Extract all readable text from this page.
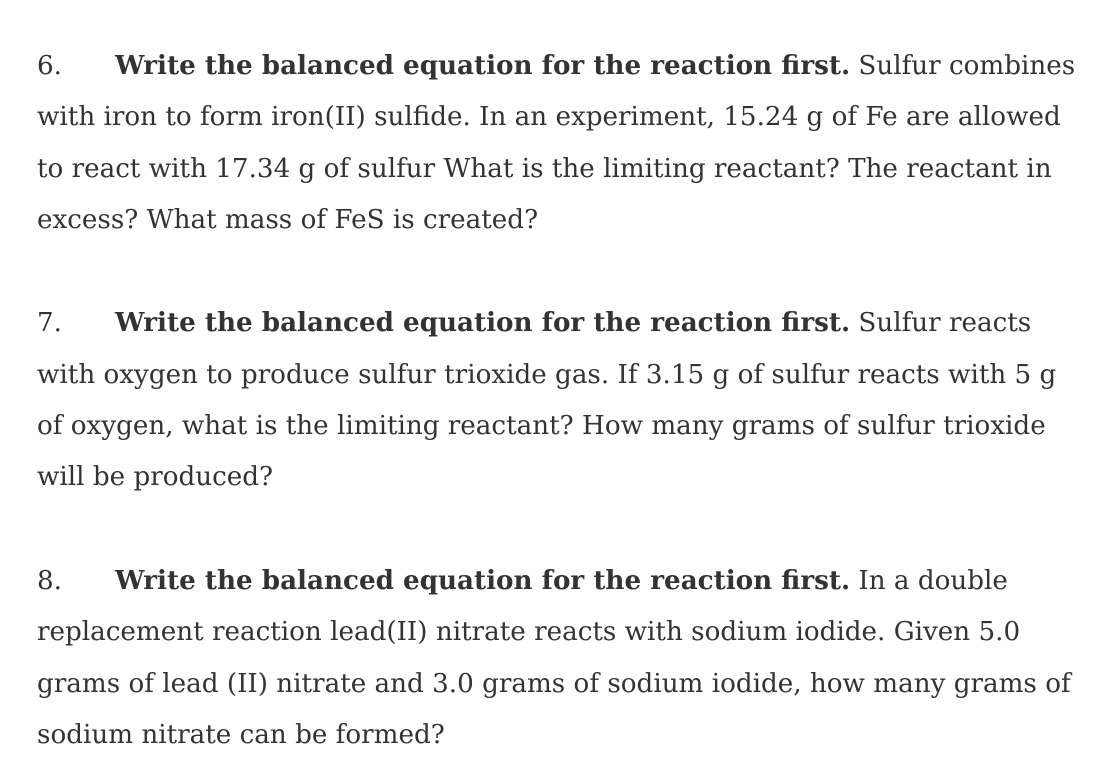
6. Write the balanced equation for the reaction first. Sulfur combines with iron to form iron(II) sulfide. In an experiment, 15.24 g of Fe are allowed to react with 17.34 g of sulfur What is the limiting reactant? The reactant in excess? What mass of FeS is created?

7. Write the balanced equation for the reaction first. Sulfur reacts with oxygen to produce sulfur trioxide gas. If 3.15 g of sulfur reacts with 5 g of oxygen, what is the limiting reactant? How many grams of sulfur trioxide will be produced?

8. Write the balanced equation for the reaction first. In a double replacement reaction lead(II) nitrate reacts with sodium iodide. Given 5.0 grams of lead (II) nitrate and 3.0 grams of sodium iodide, how many grams of sodium nitrate can be formed?
